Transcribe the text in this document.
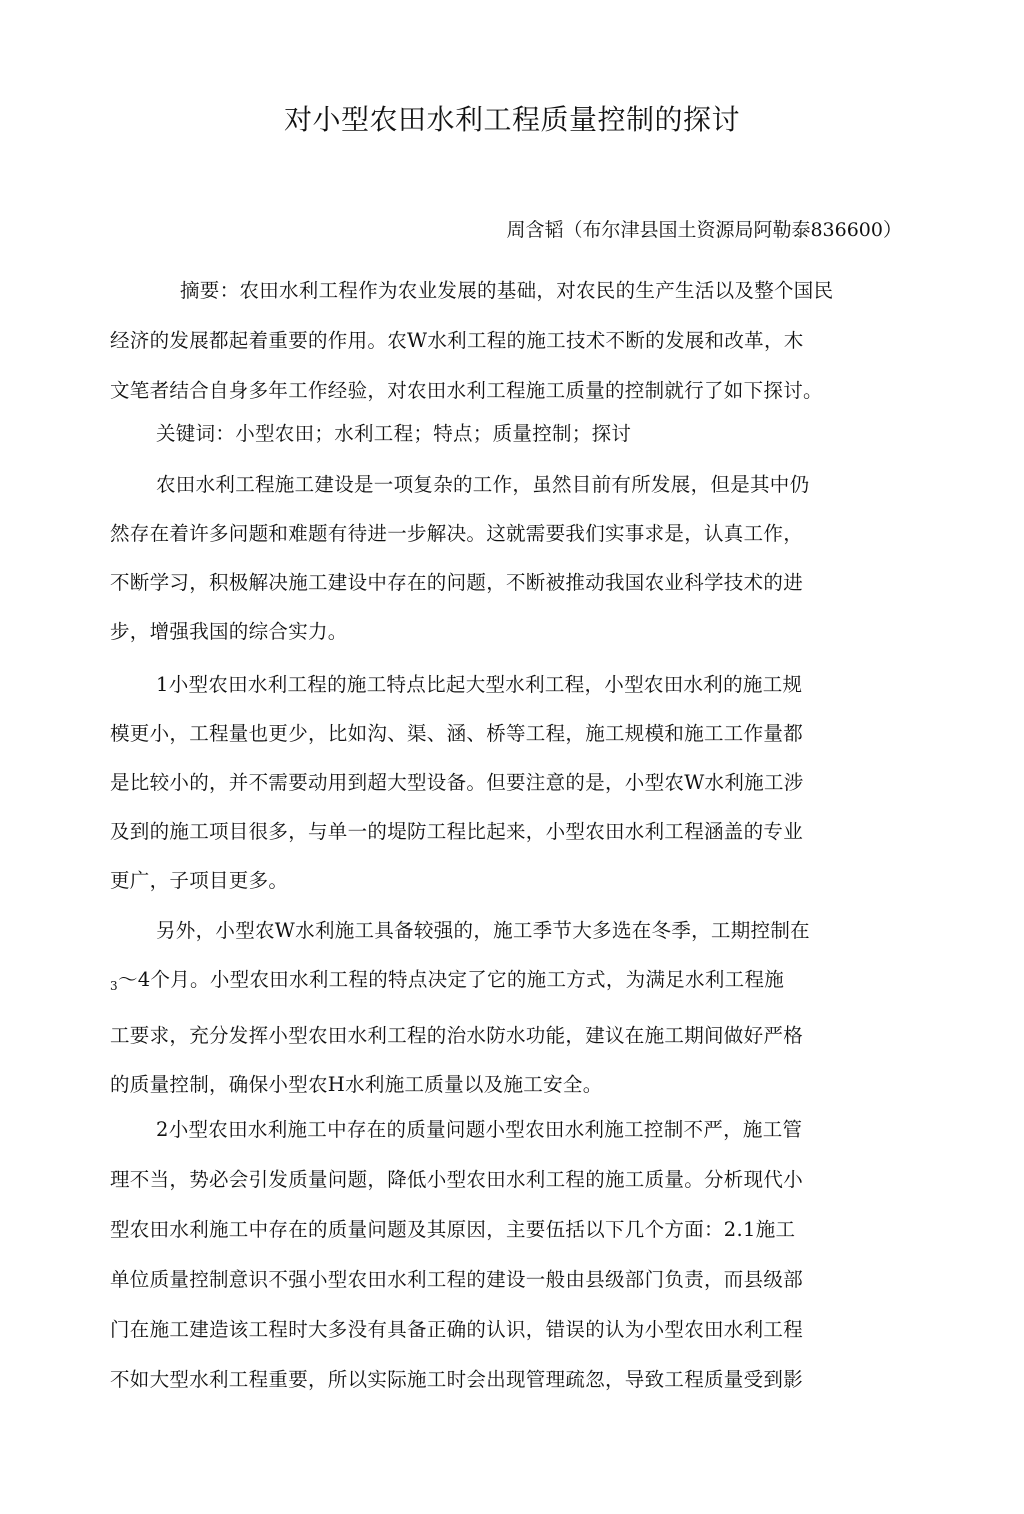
对小型农田水利工程质量控制的探讨
周含韬（布尔津县国土资源局阿勒泰836600）
摘要：农田水利工程作为农业发展的基础，对农民的生产生活以及整个国民
经济的发展都起着重要的作用。农W水利工程的施工技术不断的发展和改革，木
文笔者结合自身多年工作经验，对农田水利工程施工质量的控制就行了如下探讨。
关键词：小型农田；水利工程；特点；质量控制；探讨
农田水利工程施工建设是一项复杂的工作，虽然目前有所发展，但是其中仍
然存在着许多问题和难题有待进一步解决。这就需要我们实事求是，认真工作，
不断学习，积极解决施工建设中存在的问题，不断被推动我国农业科学技术的进
步，增强我国的综合实力。
1小型农田水利工程的施工特点比起大型水利工程，小型农田水利的施工规
模更小，工程量也更少，比如沟、渠、涵、桥等工程，施工规模和施工工作量都
是比较小的，并不需要动用到超大型设备。但要注意的是，小型农W水利施工涉
及到的施工项目很多，与单一的堤防工程比起来，小型农田水利工程涵盖的专业
更广，子项目更多。
另外，小型农W水利施工具备较强的，施工季节大多选在冬季，工期控制在
$_3$〜4个月。小型农田水利工程的特点决定了它的施工方式，为满足水利工程施
工要求，充分发挥小型农田水利工程的治水防水功能，建议在施工期间做好严格
的质量控制，确保小型农H水利施工质量以及施工安全。
2小型农田水利施工中存在的质量问题小型农田水利施工控制不严，施工管
理不当，势必会引发质量问题，降低小型农田水利工程的施工质量。分析现代小
型农田水利施工中存在的质量问题及其原因，主要伍括以下几个方面：2.1施工
单位质量控制意识不强小型农田水利工程的建设一般由县级部门负责，而县级部
门在施工建造该工程时大多没有具备正确的认识，错误的认为小型农田水利工程
不如大型水利工程重要，所以实际施工时会出现管理疏忽，导致工程质量受到影
